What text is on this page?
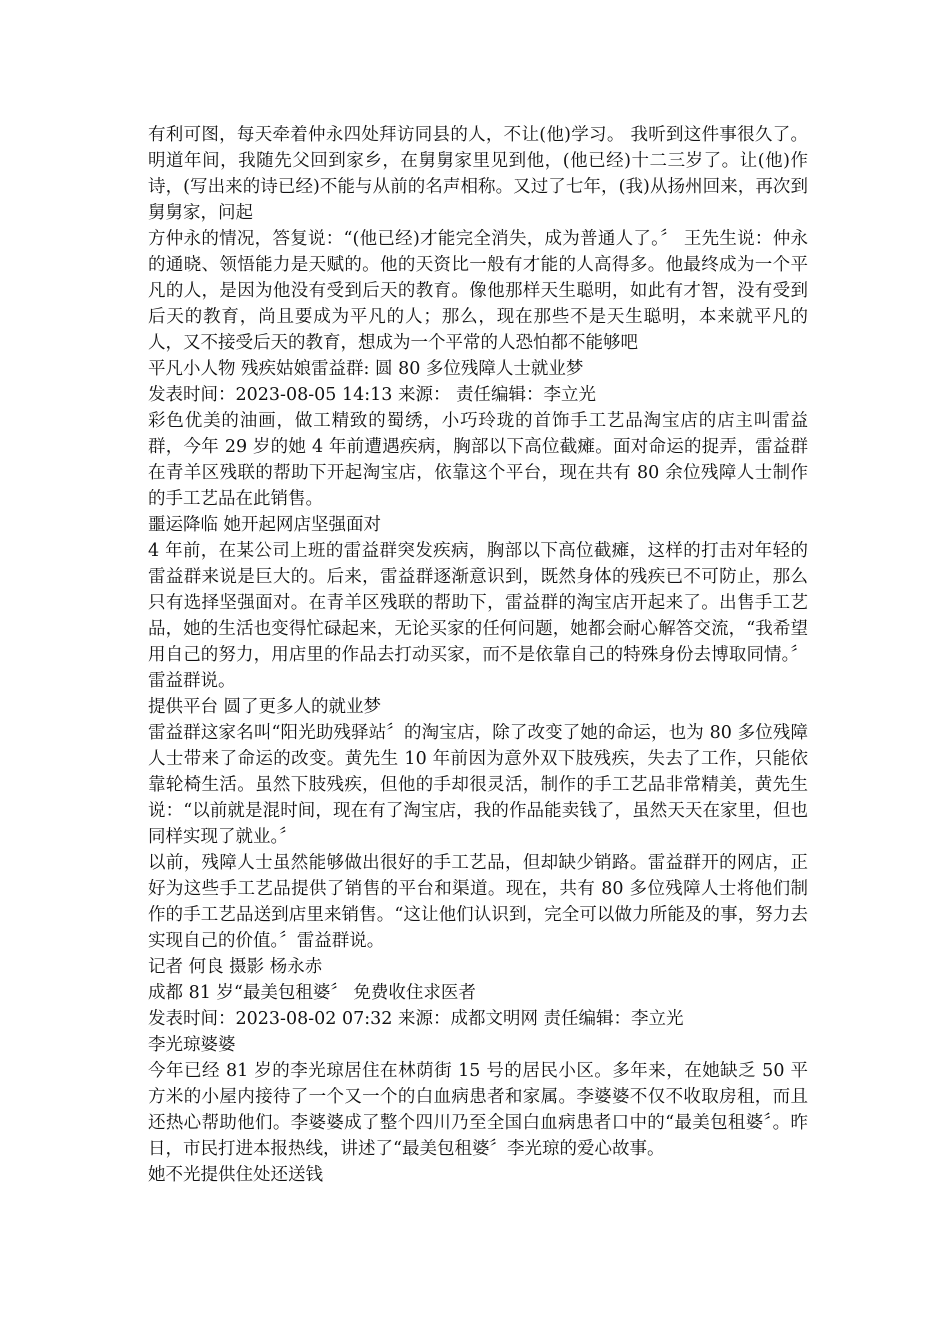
有利可图，每天牵着仲永四处拜访同县的人，不让(他)学习。 我听到这件事很久了。明道年间，我随先父回到家乡，在舅舅家里见到他，(他已经)十二三岁了。让(他)作诗，(写出来的诗已经)不能与从前的名声相称。又过了七年，(我)从扬州回来，再次到舅舅家，问起

方仲永的情况，答复说：“(他已经)才能完全消失，成为普通人了。〞 王先生说：仲永的通晓、领悟能力是天赋的。他的天资比一般有才能的人高得多。他最终成为一个平凡的人，是因为他没有受到后天的教育。像他那样天生聪明，如此有才智，没有受到后天的教育，尚且要成为平凡的人；那么，现在那些不是天生聪明，本来就平凡的人，又不接受后天的教育，想成为一个平常的人恐怕都不能够吧

平凡小人物 残疾姑娘雷益群: 圆 80 多位残障人士就业梦

发表时间：2023-08-05 14:13 来源： 责任编辑：李立光

彩色优美的油画，做工精致的蜀绣，小巧玲珑的首饰手工艺品淘宝店的店主叫雷益群，今年 29 岁的她 4 年前遭遇疾病，胸部以下高位截瘫。面对命运的捉弄，雷益群在青羊区残联的帮助下开起淘宝店，依靠这个平台，现在共有 80 余位残障人士制作的手工艺品在此销售。

噩运降临 她开起网店坚强面对

4 年前，在某公司上班的雷益群突发疾病，胸部以下高位截瘫，这样的打击对年轻的雷益群来说是巨大的。后来，雷益群逐渐意识到，既然身体的残疾已不可防止，那么只有选择坚强面对。在青羊区残联的帮助下，雷益群的淘宝店开起来了。出售手工艺品，她的生活也变得忙碌起来，无论买家的任何问题，她都会耐心解答交流，“我希望用自己的努力，用店里的作品去打动买家，而不是依靠自己的特殊身份去博取同情。〞雷益群说。

提供平台 圆了更多人的就业梦

雷益群这家名叫“阳光助残驿站〞的淘宝店，除了改变了她的命运，也为 80 多位残障人士带来了命运的改变。黄先生 10 年前因为意外双下肢残疾，失去了工作，只能依靠轮椅生活。虽然下肢残疾，但他的手却很灵活，制作的手工艺品非常精美，黄先生说：“以前就是混时间，现在有了淘宝店，我的作品能卖钱了，虽然天天在家里，但也同样实现了就业。〞

以前，残障人士虽然能够做出很好的手工艺品，但却缺少销路。雷益群开的网店，正好为这些手工艺品提供了销售的平台和渠道。现在，共有 80 多位残障人士将他们制作的手工艺品送到店里来销售。“这让他们认识到，完全可以做力所能及的事，努力去实现自己的价值。〞雷益群说。

记者 何良 摄影 杨永赤

成都 81 岁“最美包租婆〞 免费收住求医者

发表时间：2023-08-02 07:32 来源：成都文明网 责任编辑：李立光

李光琼婆婆

今年已经 81 岁的李光琼居住在林荫街 15 号的居民小区。多年来，在她缺乏 50 平方米的小屋内接待了一个又一个的白血病患者和家属。李婆婆不仅不收取房租，而且还热心帮助他们。李婆婆成了整个四川乃至全国白血病患者口中的“最美包租婆〞。昨日，市民打进本报热线，讲述了“最美包租婆〞李光琼的爱心故事。

她不光提供住处还送钱
